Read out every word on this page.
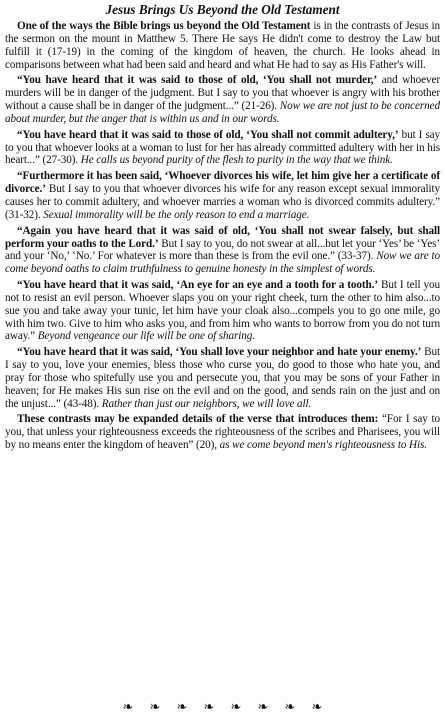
Jesus Brings Us Beyond the Old Testament
One of the ways the Bible brings us beyond the Old Testament is in the contrasts of Jesus in the sermon on the mount in Matthew 5. There He says He didn't come to destroy the Law but fulfill it (17-19) in the coming of the kingdom of heaven, the church. He looks ahead in comparisons between what had been said and heard and what He had to say as His Father's will.
“You have heard that it was said to those of old, ‘You shall not murder,’ and whoever murders will be in danger of the judgment. But I say to you that whoever is angry with his brother without a cause shall be in danger of the judgment...” (21-26). Now we are not just to be concerned about murder, but the anger that is within us and in our words.
“You have heard that it was said to those of old, ‘You shall not commit adultery,’ but I say to you that whoever looks at a woman to lust for her has already committed adultery with her in his heart...” (27-30). He calls us beyond purity of the flesh to purity in the way that we think.
“Furthermore it has been said, ‘Whoever divorces his wife, let him give her a certificate of divorce.’ But I say to you that whoever divorces his wife for any reason except sexual immorality causes her to commit adultery, and whoever marries a woman who is divorced commits adultery.” (31-32). Sexual immorality will be the only reason to end a marriage.
“Again you have heard that it was said of old, ‘You shall not swear falsely, but shall perform your oaths to the Lord.’ But I say to you, do not swear at all...but let your ‘Yes’ be ‘Yes’ and your ‘No,’ ‘No.’ For whatever is more than these is from the evil one.” (33-37). Now we are to come beyond oaths to claim truthfulness to genuine honesty in the simplest of words.
“You have heard that it was said, ‘An eye for an eye and a tooth for a tooth.’ But I tell you not to resist an evil person. Whoever slaps you on your right cheek, turn the other to him also...to sue you and take away your tunic, let him have your cloak also...compels you to go one mile, go with him two. Give to him who asks you, and from him who wants to borrow from you do not turn away.” Beyond vengeance our life will be one of sharing.
“You have heard that it was said, ‘You shall love your neighbor and hate your enemy.’ But I say to you, love your enemies, bless those who curse you, do good to those who hate you, and pray for those who spitefully use you and persecute you, that you may be sons of your Father in heaven; for He makes His sun rise on the evil and on the good, and sends rain on the just and on the unjust...” (43-48). Rather than just our neighbors, we will love all.
These contrasts may be expanded details of the verse that introduces them: “For I say to you, that unless your righteousness exceeds the righteousness of the scribes and Pharisees, you will by no means enter the kingdom of heaven” (20), as we come beyond men's righteousness to His.
❧ ❧ ❧ ❧ ❧ ❧ ❧ ❧
